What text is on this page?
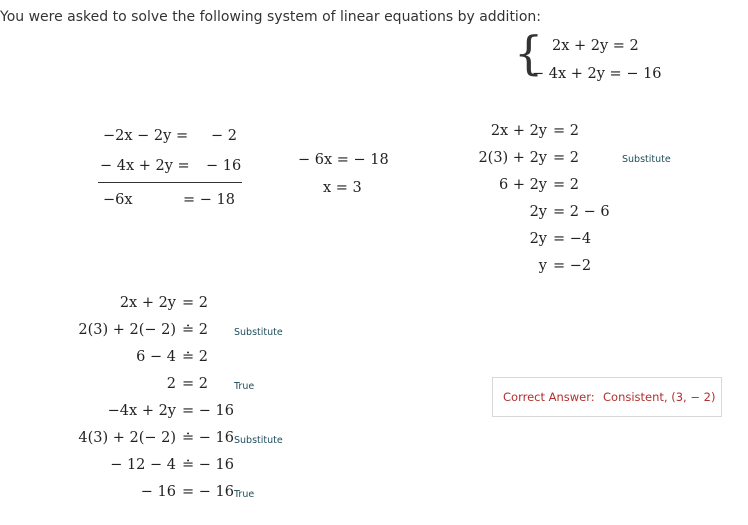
You were asked to solve the following system of linear equations by addition:
{ 2x + 2y = 2
− 4x + 2y = − 16
−2x − 2y = − 2
− 4x + 2y = − 16
−6x	= − 18
− 6x = − 18
x = 3
2x + 2y = 2
2(3) + 2y = 2	Substitute
6 + 2y = 2
2y = 2 − 6
2y = −4
y = −2
2x + 2y = 2
2(3) + 2(− 2) ≐ 2	Substitute
6 − 4 ≐ 2
2 = 2	True
−4x + 2y = − 16
4(3) + 2(− 2) ≐ − 16 Substitute
− 12 − 4 ≐ − 16
− 16 = − 16 True
Correct Answer: Consistent, (3, − 2)
